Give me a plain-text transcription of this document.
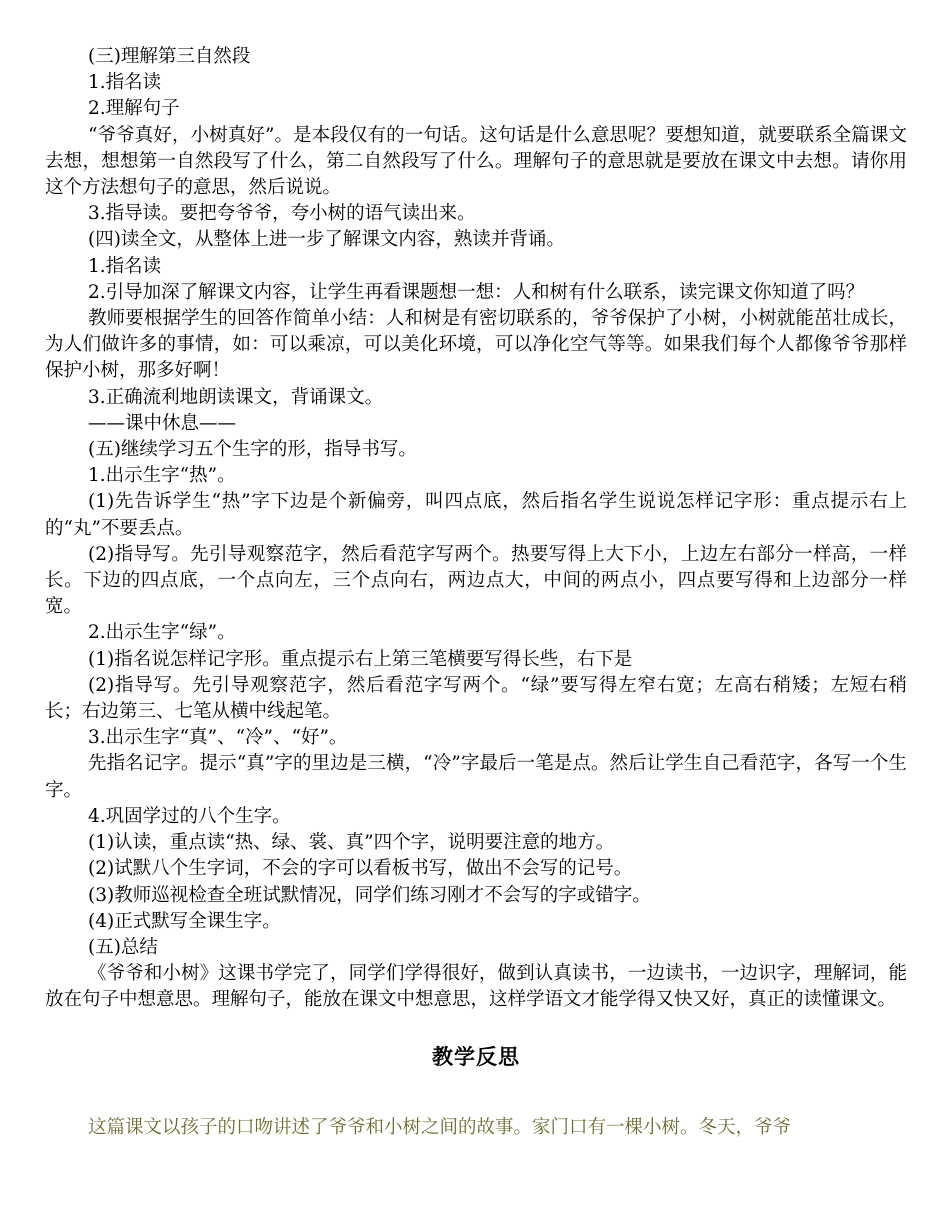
(三)理解第三自然段

1.指名读

2.理解句子

“爷爷真好，小树真好”。是本段仅有的一句话。这句话是什么意思呢？要想知道，就要联系全篇课文去想，想想第一自然段写了什么，第二自然段写了什么。理解句子的意思就是要放在课文中去想。请你用这个方法想句子的意思，然后说说。

3.指导读。要把夸爷爷，夸小树的语气读出来。

(四)读全文，从整体上进一步了解课文内容，熟读并背诵。

1.指名读

2.引导加深了解课文内容，让学生再看课题想一想：人和树有什么联系，读完课文你知道了吗？

教师要根据学生的回答作简单小结：人和树是有密切联系的，爷爷保护了小树，小树就能茁壮成长，为人们做许多的事情，如：可以乘凉，可以美化环境，可以净化空气等等。如果我们每个人都像爷爷那样保护小树，那多好啊！

3.正确流利地朗读课文，背诵课文。

——课中休息——

(五)继续学习五个生字的形，指导书写。

1.出示生字“热”。

(1)先告诉学生“热”字下边是个新偏旁，叫四点底，然后指名学生说说怎样记字形：重点提示右上的“丸”不要丢点。

(2)指导写。先引导观察范字，然后看范字写两个。热要写得上大下小，上边左右部分一样高，一样长。下边的四点底，一个点向左，三个点向右，两边点大，中间的两点小，四点要写得和上边部分一样宽。

2.出示生字“绿”。

(1)指名说怎样记字形。重点提示右上第三笔横要写得长些，右下是

(2)指导写。先引导观察范字，然后看范字写两个。“绿”要写得左窄右宽；左高右稍矮；左短右稍长；右边第三、七笔从横中线起笔。

3.出示生字“真”、“冷”、“好”。

先指名记字。提示“真”字的里边是三横，“冷”字最后一笔是点。然后让学生自己看范字，各写一个生字。

4.巩固学过的八个生字。

(1)认读，重点读“热、绿、裳、真”四个字，说明要注意的地方。

(2)试默八个生字词，不会的字可以看板书写，做出不会写的记号。

(3)教师巡视检查全班试默情况，同学们练习刚才不会写的字或错字。

(4)正式默写全课生字。

(五)总结

《爷爷和小树》这课书学完了，同学们学得很好，做到认真读书，一边读书，一边识字，理解词，能放在句子中想意思。理解句子，能放在课文中想意思，这样学语文才能学得又快又好，真正的读懂课文。

教学反思

这篇课文以孩子的口吻讲述了爷爷和小树之间的故事。家门口有一棵小树。冬天，爷爷
